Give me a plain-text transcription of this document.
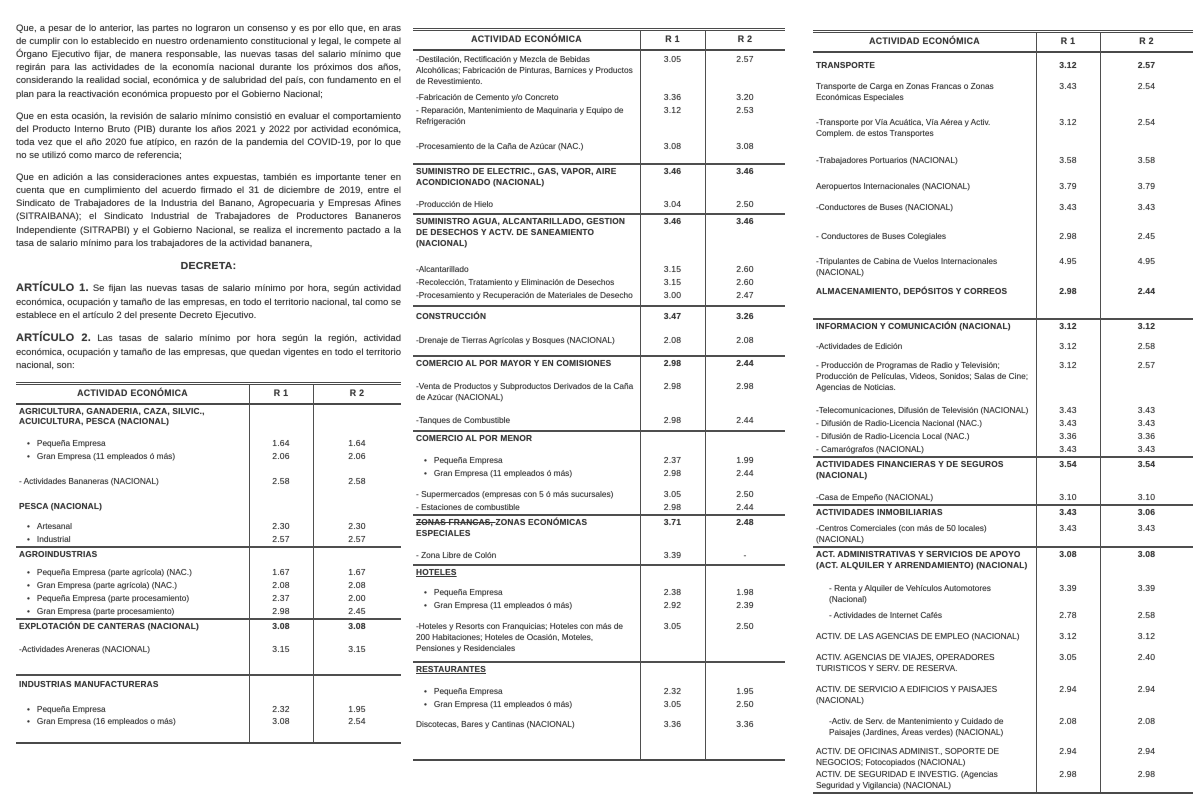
Que, a pesar de lo anterior, las partes no lograron un consenso y es por ello que, en aras de cumplir con lo establecido en nuestro ordenamiento constitucional y legal, le compete al Órgano Ejecutivo fijar, de manera responsable, las nuevas tasas del salario mínimo que regirán para las actividades de la economía nacional durante los próximos dos años, considerando la realidad social, económica y de salubridad del país, con fundamento en el plan para la reactivación económica propuesto por el Gobierno Nacional;

Que en esta ocasión, la revisión de salario mínimo consistió en evaluar el comportamiento del Producto Interno Bruto (PIB) durante los años 2021 y 2022 por actividad económica, toda vez que el año 2020 fue atípico, en razón de la pandemia del COVID-19, por lo que no se utilizó como marco de referencia;

Que en adición a las consideraciones antes expuestas, también es importante tener en cuenta que en cumplimiento del acuerdo firmado el 31 de diciembre de 2019, entre el Sindicato de Trabajadores de la Industria del Banano, Agropecuaria y Empresas Afines (SITRAIBANA); el Sindicato Industrial de Trabajadores de Productores Bananeros Independiente (SITRAPBI) y el Gobierno Nacional, se realiza el incremento pactado a la tasa de salario mínimo para los trabajadores de la actividad bananera,

DECRETA:

ARTÍCULO 1. Se fijan las nuevas tasas de salario mínimo por hora, según actividad económica, ocupación y tamaño de las empresas, en todo el territorio nacional, tal como se establece en el artículo 2 del presente Decreto Ejecutivo.

ARTÍCULO 2. Las tasas de salario mínimo por hora según la región, actividad económica, ocupación y tamaño de las empresas, que quedan vigentes en todo el territorio nacional, son:

ACTIVIDAD ECONÓMICA	R 1	R 2
AGRICULTURA, GANADERIA, CAZA, SILVIC., ACUICULTURA, PESCA (NACIONAL)
• Pequeña Empresa	1.64	1.64
• Gran Empresa (11 empleados ó más)	2.06	2.06
- Actividades Bananeras (NACIONAL)	2.58	2.58
PESCA (NACIONAL)
• Artesanal	2.30	2.30
• Industrial	2.57	2.57
AGROINDUSTRIAS
• Pequeña Empresa (parte agrícola) (NAC.)	1.67	1.67
• Gran Empresa (parte agrícola) (NAC.)	2.08	2.08
• Pequeña Empresa (parte procesamiento)	2.37	2.00
• Gran Empresa (parte procesamiento)	2.98	2.45
EXPLOTACIÓN DE CANTERAS (NACIONAL)	3.08	3.08
-Actividades Areneras (NACIONAL)	3.15	3.15
INDUSTRIAS MANUFACTURERAS
• Pequeña Empresa	2.32	1.95
• Gran Empresa (16 empleados o más)	3.08	2.54
ACTIVIDAD ECONÓMICA	R 1	R 2
-Destilación, Rectificación y Mezcla de Bebidas Alcohólicas; Fabricación de Pinturas, Barnices y Productos de Revestimiento.
3.05	2.57
-Fabricación de Cemento y/o Concreto	3.36	3.20
- Reparación, Mantenimiento de Maquinaria y Equipo de Refrigeración
3.12	2.53
-Procesamiento de la Caña de Azúcar (NAC.)	3.08	3.08
SUMINISTRO DE ELECTRIC., GAS, VAPOR, AIRE ACONDICIONADO (NACIONAL)
3.46	3.46
-Producción de Hielo	3.04	2.50
SUMINISTRO AGUA, ALCANTARILLADO, GESTION DE DESECHOS Y ACTV. DE SANEAMIENTO (NACIONAL)
3.46	3.46
-Alcantarillado	3.15	2.60
-Recolección, Tratamiento y Eliminación de Desechos	3.15	2.60
-Procesamiento y Recuperación de Materiales de Desecho	3.00	2.47
CONSTRUCCIÓN	3.47	3.26
-Drenaje de Tierras Agrícolas y Bosques (NACIONAL)	2.08	2.08
COMERCIO AL POR MAYOR Y EN COMISIONES	2.98	2.44
-Venta de Productos y Subproductos Derivados de la Caña de Azúcar (NACIONAL)
2.98	2.98
-Tanques de Combustible	2.98	2.44
COMERCIO AL POR MENOR
• Pequeña Empresa	2.37	1.99
• Gran Empresa (11 empleados ó más)	2.98	2.44
- Supermercados (empresas con 5 ó más sucursales)	3.05	2.50
- Estaciones de combustible	2.98	2.44
ZONAS FRANCAS, ZONAS ECONÓMICAS ESPECIALES
3.71	2.48
- Zona Libre de Colón	3.39	-
HOTELES
• Pequeña Empresa	2.38	1.98
• Gran Empresa (11 empleados ó más)	2.92	2.39
-Hoteles y Resorts con Franquicias; Hoteles con más de 200 Habitaciones; Hoteles de Ocasión, Moteles, Pensiones y Residenciales
3.05	2.50
RESTAURANTES
• Pequeña Empresa	2.32	1.95
• Gran Empresa (11 empleados ó más)	3.05	2.50
Discotecas, Bares y Cantinas (NACIONAL)	3.36	3.36
ACTIVIDAD ECONÓMICA	R 1	R 2
TRANSPORTE	3.12	2.57
Transporte de Carga en Zonas Francas o Zonas Económicas Especiales
3.43	2.54
-Transporte por Vía Acuática, Vía Aérea y Activ. Complem. de estos Transportes
3.12	2.54
-Trabajadores Portuarios (NACIONAL)	3.58	3.58
Aeropuertos Internacionales (NACIONAL)	3.79	3.79
-Conductores de Buses (NACIONAL)	3.43	3.43
- Conductores de Buses Colegiales	2.98	2.45
-Tripulantes de Cabina de Vuelos Internacionales (NACIONAL)
4.95	4.95
ALMACENAMIENTO, DEPÓSITOS Y CORREOS	2.98	2.44
INFORMACION Y COMUNICACIÓN (NACIONAL)	3.12	3.12
-Actividades de Edición	3.12	2.58
- Producción de Programas de Radio y Televisión; Producción de Películas, Videos, Sonidos; Salas de Cine; Agencias de Noticias.
3.12	2.57
-Telecomunicaciones, Difusión de Televisión (NACIONAL)	3.43	3.43
- Difusión de Radio-Licencia Nacional (NAC.)	3.43	3.43
- Difusión de Radio-Licencia Local (NAC.)	3.36	3.36
- Camarógrafos (NACIONAL)	3.43	3.43
ACTIVIDADES FINANCIERAS Y DE SEGUROS (NACIONAL)
3.54	3.54
-Casa de Empeño (NACIONAL)	3.10	3.10
ACTIVIDADES INMOBILIARIAS	3.43	3.06
-Centros Comerciales (con más de 50 locales) (NACIONAL)
3.43	3.43
ACT. ADMINISTRATIVAS Y SERVICIOS DE APOYO (ACT. ALQUILER Y ARRENDAMIENTO) (NACIONAL)
3.08	3.08
- Renta y Alquiler de Vehículos Automotores (Nacional)
3.39	3.39
- Actividades de Internet Cafés	2.78	2.58
ACTIV. DE LAS AGENCIAS DE EMPLEO (NACIONAL)	3.12	3.12
ACTIV. AGENCIAS DE VIAJES, OPERADORES TURISTICOS Y SERV. DE RESERVA.
3.05	2.40
ACTIV. DE SERVICIO A EDIFICIOS Y PAISAJES (NACIONAL)
2.94	2.94
-Activ. de Serv. de Mantenimiento y Cuidado de Paisajes (Jardines, Áreas verdes) (NACIONAL)
2.08	2.08
ACTIV. DE OFICINAS ADMINIST., SOPORTE DE NEGOCIOS; Fotocopiados (NACIONAL)
2.94	2.94
ACTIV. DE SEGURIDAD E INVESTIG. (Agencias Seguridad y Vigilancia) (NACIONAL)
2.98	2.98
